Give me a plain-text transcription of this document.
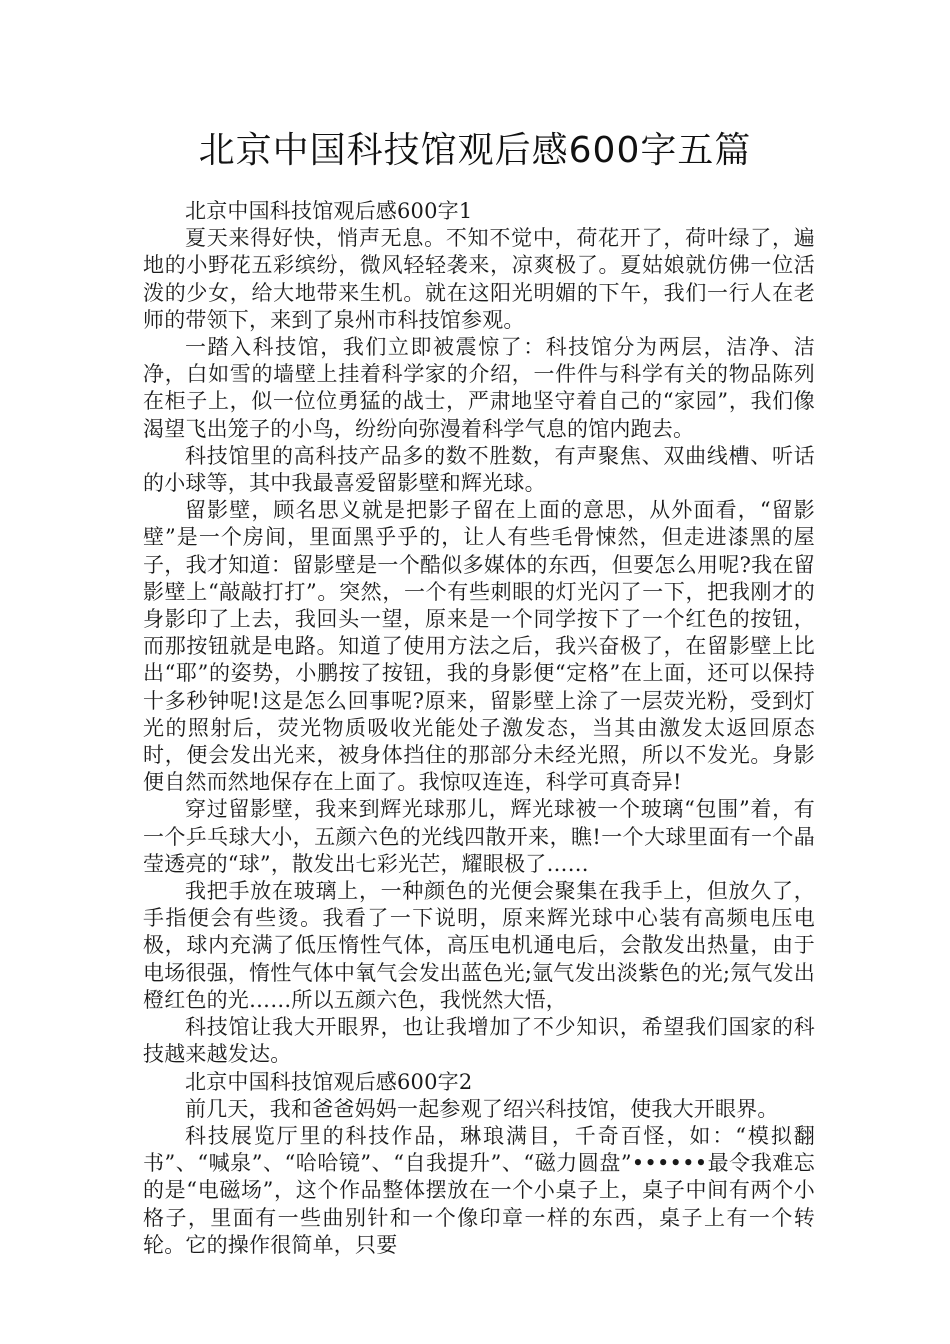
北京中国科技馆观后感600字五篇

北京中国科技馆观后感600字1

夏天来得好快，悄声无息。不知不觉中，荷花开了，荷叶绿了，遍地的小野花五彩缤纷，微风轻轻袭来，凉爽极了。夏姑娘就仿佛一位活泼的少女，给大地带来生机。就在这阳光明媚的下午，我们一行人在老师的带领下，来到了泉州市科技馆参观。

一踏入科技馆，我们立即被震惊了：科技馆分为两层，洁净、洁净，白如雪的墙壁上挂着科学家的介绍，一件件与科学有关的物品陈列在柜子上，似一位位勇猛的战士，严肃地坚守着自己的“家园”，我们像渴望飞出笼子的小鸟，纷纷向弥漫着科学气息的馆内跑去。

科技馆里的高科技产品多的数不胜数，有声聚焦、双曲线槽、听话的小球等，其中我最喜爱留影壁和辉光球。

留影壁，顾名思义就是把影子留在上面的意思，从外面看，“留影壁”是一个房间，里面黑乎乎的，让人有些毛骨悚然，但走进漆黑的屋子，我才知道：留影壁是一个酷似多媒体的东西，但要怎么用呢?我在留影壁上“敲敲打打”。突然，一个有些刺眼的灯光闪了一下，把我刚才的身影印了上去，我回头一望，原来是一个同学按下了一个红色的按钮，而那按钮就是电路。知道了使用方法之后，我兴奋极了，在留影壁上比出“耶”的姿势，小鹏按了按钮，我的身影便“定格”在上面，还可以保持十多秒钟呢!这是怎么回事呢?原来，留影壁上涂了一层荧光粉，受到灯光的照射后，荧光物质吸收光能处子激发态，当其由激发太返回原态时，便会发出光来，被身体挡住的那部分未经光照，所以不发光。身影便自然而然地保存在上面了。我惊叹连连，科学可真奇异!

穿过留影壁，我来到辉光球那儿，辉光球被一个玻璃“包围”着，有一个乒乓球大小，五颜六色的光线四散开来，瞧!一个大球里面有一个晶莹透亮的“球”，散发出七彩光芒，耀眼极了……

我把手放在玻璃上，一种颜色的光便会聚集在我手上，但放久了，手指便会有些烫。我看了一下说明，原来辉光球中心装有高频电压电极，球内充满了低压惰性气体，高压电机通电后，会散发出热量，由于电场很强，惰性气体中氧气会发出蓝色光;氩气发出淡紫色的光;氖气发出橙红色的光……所以五颜六色，我恍然大悟，

科技馆让我大开眼界，也让我增加了不少知识，希望我们国家的科技越来越发达。

北京中国科技馆观后感600字2

前几天，我和爸爸妈妈一起参观了绍兴科技馆，使我大开眼界。

科技展览厅里的科技作品，琳琅满目，千奇百怪，如：“模拟翻书”、“喊泉”、“哈哈镜”、“自我提升”、“磁力圆盘”••••••最令我难忘的是“电磁场”，这个作品整体摆放在一个小桌子上，桌子中间有两个小格子，里面有一些曲别针和一个像印章一样的东西，桌子上有一个转轮。它的操作很简单，只要
